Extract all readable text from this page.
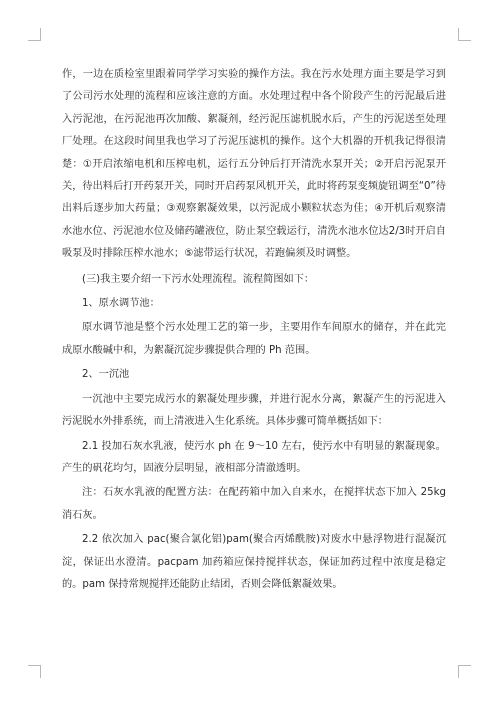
作，一边在质检室里跟着同学学习实验的操作方法。我在污水处理方面主要是学习到了公司污水处理的流程和应该注意的方面。水处理过程中各个阶段产生的污泥最后进入污泥池，在污泥池再次加酸、絮凝剂，经污泥压滤机脱水后，产生的污泥送至处理厂处理。在这段时间里我也学习了污泥压滤机的操作。这个大机器的开机我记得很清楚：①开启浓缩电机和压榨电机，运行五分钟后打开清洗水泵开关；②开启污泥泵开关，待出料后打开药泵开关，同时开启药泵风机开关，此时将药泵变频旋钮调至“0”待出料后逐步加大药量；③观察絮凝效果，以污泥成小颗粒状态为佳；④开机后观察清水池水位、污泥池水位及储药罐液位，防止泵空载运行，清洗水池水位达2/3时开启自吸泵及时排除压榨水池水；⑤滤带运行状况，若跑偏须及时调整。

(三)我主要介绍一下污水处理流程。流程简图如下：

1、原水调节池：

原水调节池是整个污水处理工艺的第一步，主要用作车间原水的储存，并在此完成原水酸碱中和，为絮凝沉淀步骤提供合理的 Ph 范围。

2、一沉池

一沉池中主要完成污水的絮凝处理步骤，并进行泥水分离，絮凝产生的污泥进入污泥脱水外排系统，而上清液进入生化系统。具体步骤可简单概括如下：

2.1 投加石灰水乳液，使污水 ph 在 9～10 左右，使污水中有明显的絮凝现象。产生的矾花均匀，固液分层明显，液相部分清澈透明。

注：石灰水乳液的配置方法：在配药箱中加入自来水，在搅拌状态下加入 25kg 消石灰。

2.2 依次加入 pac(聚合氯化铝)pam(聚合丙烯酰胺)对废水中悬浮物进行混凝沉淀，保证出水澄清。pacpam 加药箱应保持搅拌状态，保证加药过程中浓度是稳定的。pam 保持常规搅拌还能防止结团，否则会降低絮凝效果。
